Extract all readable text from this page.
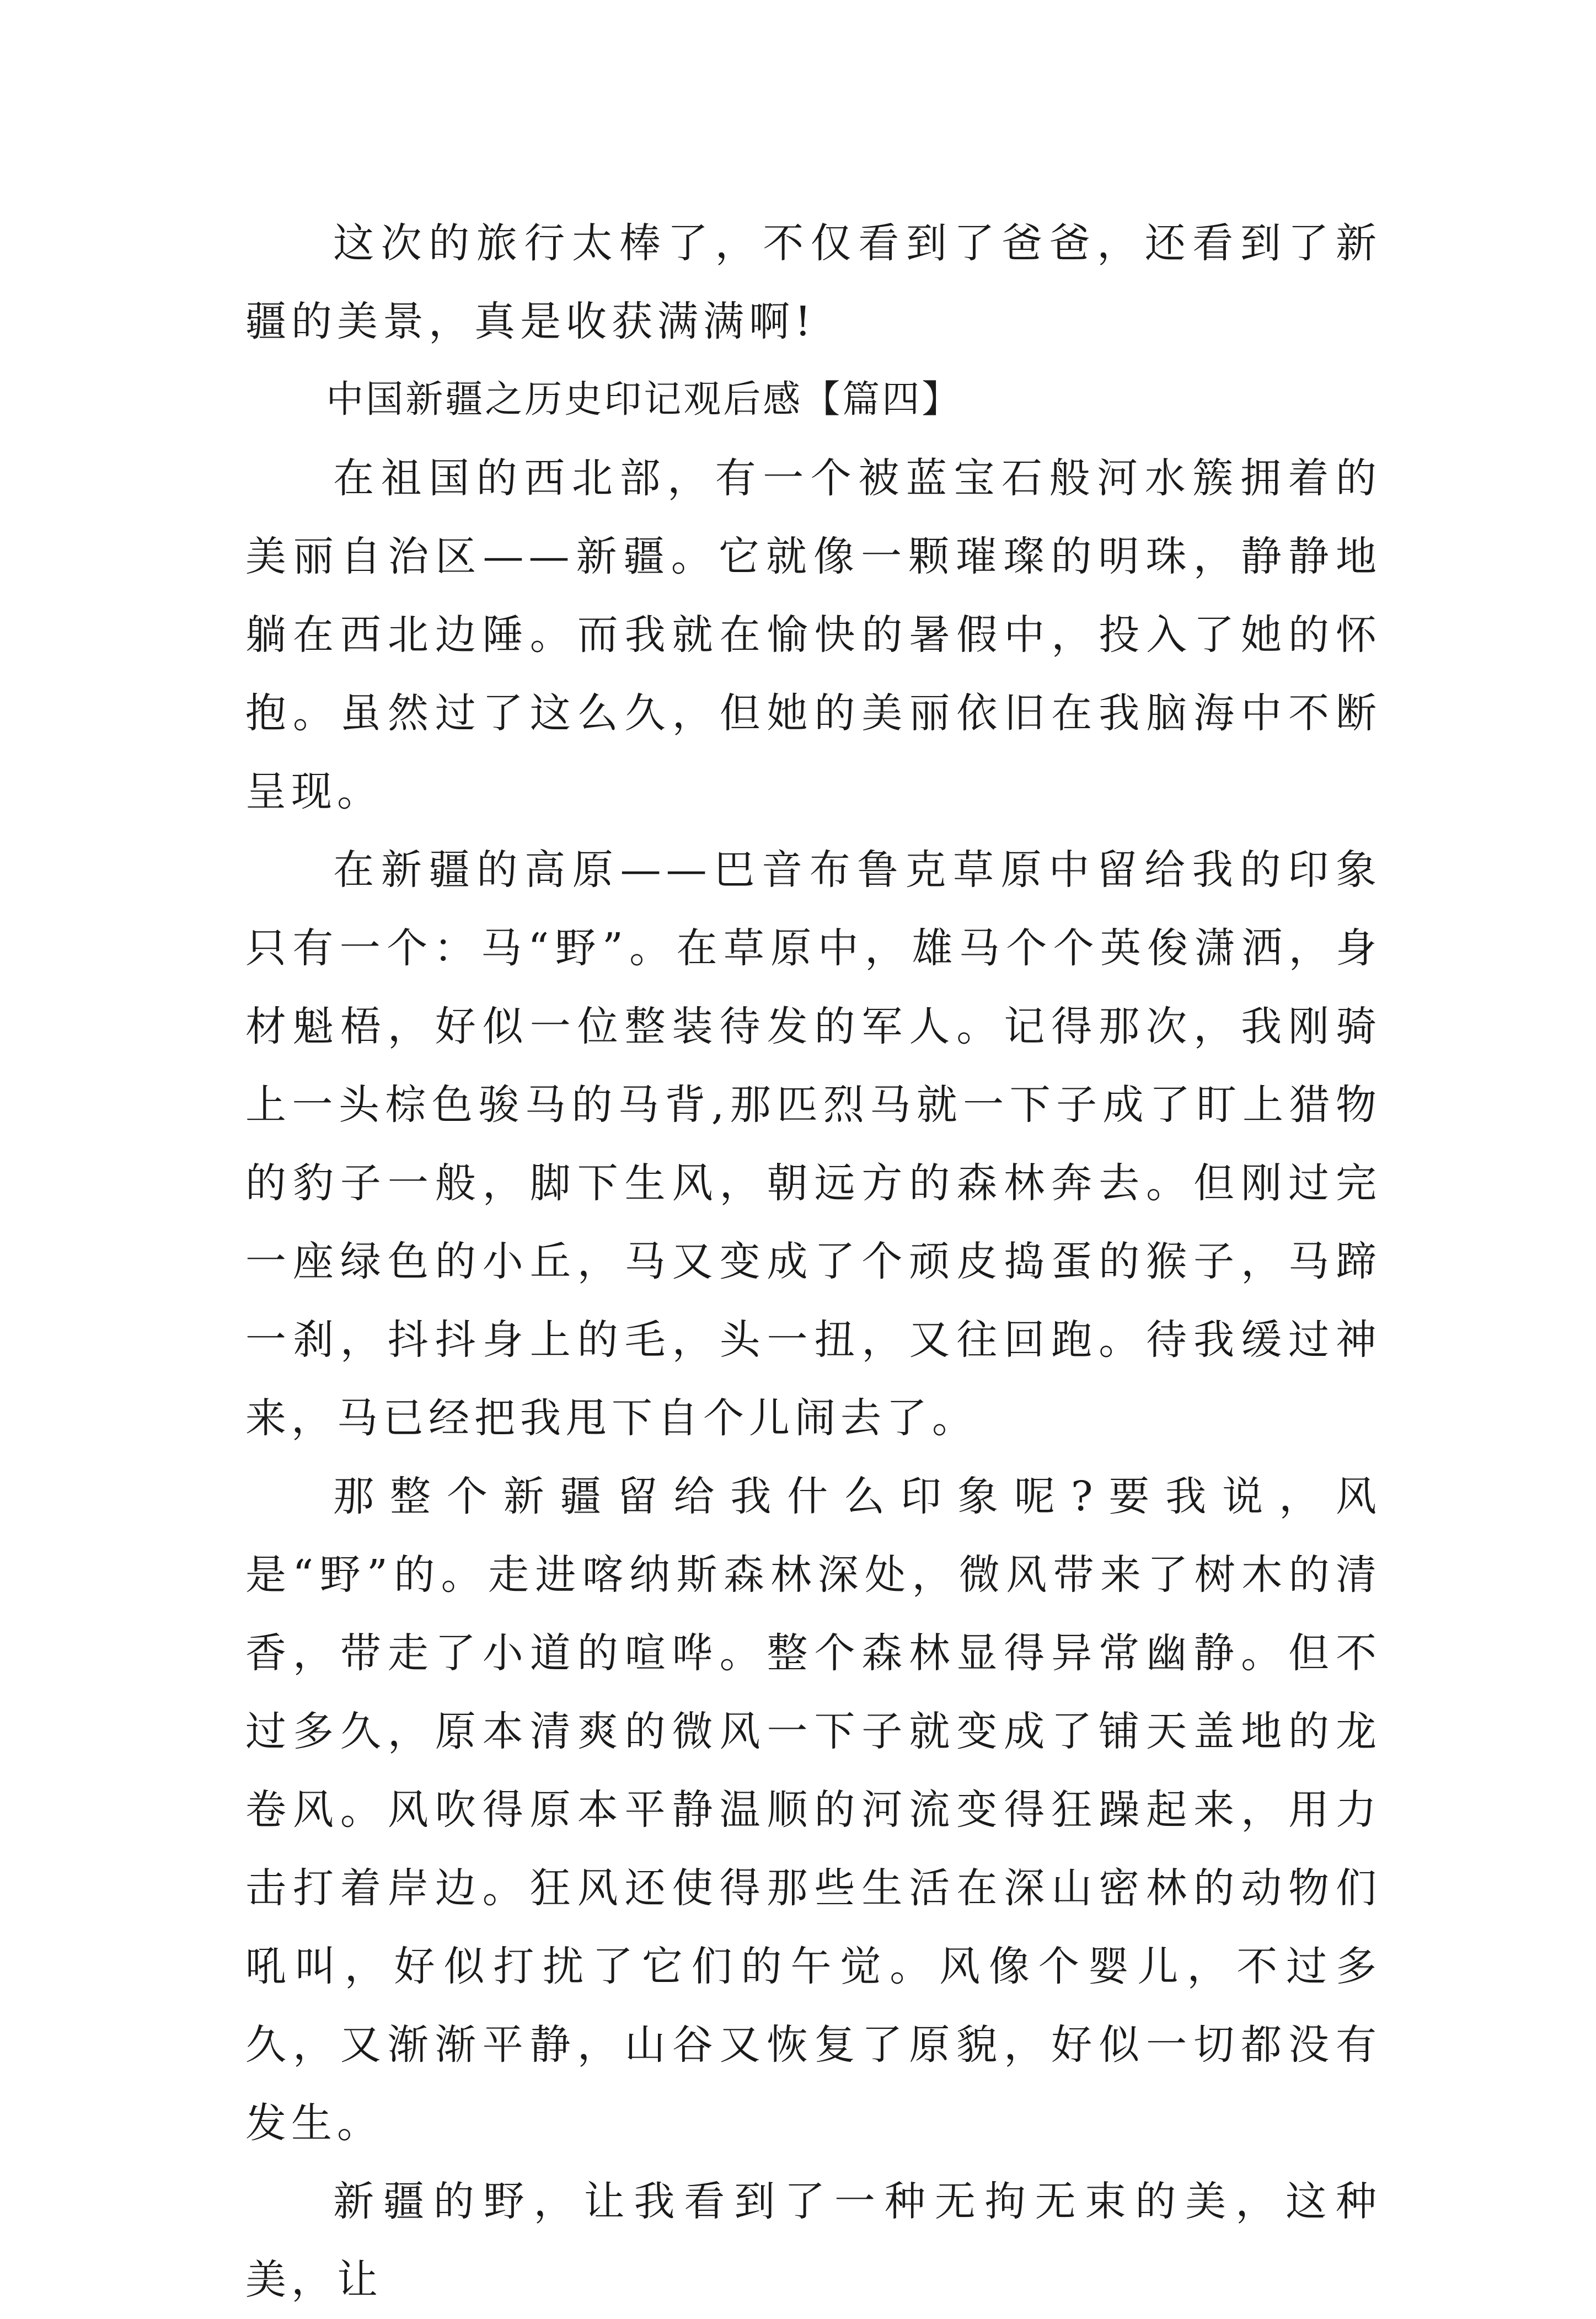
这次的旅行太棒了，不仅看到了爸爸，还看到了新疆的美景，真是收获满满啊!

中国新疆之历史印记观后感【篇四】

在祖国的西北部，有一个被蓝宝石般河水簇拥着的美丽自治区——新疆。它就像一颗璀璨的明珠，静静地躺在西北边陲。而我就在愉快的暑假中，投入了她的怀抱。虽然过了这么久，但她的美丽依旧在我脑海中不断呈现。

在新疆的高原——巴音布鲁克草原中留给我的印象只有一个：马“野”。在草原中，雄马个个英俊潇洒，身材魁梧，好似一位整装待发的军人。记得那次，我刚骑上一头棕色骏马的马背,那匹烈马就一下子成了盯上猎物的豹子一般，脚下生风，朝远方的森林奔去。但刚过完一座绿色的小丘，马又变成了个顽皮捣蛋的猴子，马蹄一刹，抖抖身上的毛，头一扭，又往回跑。待我缓过神来，马已经把我甩下自个儿闹去了。

那整个新疆留给我什么印象呢?要我说，风是“野”的。走进喀纳斯森林深处，微风带来了树木的清香，带走了小道的喧哗。整个森林显得异常幽静。但不过多久，原本清爽的微风一下子就变成了铺天盖地的龙卷风。风吹得原本平静温顺的河流变得狂躁起来，用力击打着岸边。狂风还使得那些生活在深山密林的动物们吼叫，好似打扰了它们的午觉。风像个婴儿，不过多久，又渐渐平静，山谷又恢复了原貌，好似一切都没有发生。

新疆的野，让我看到了一种无拘无束的美，这种美，让
